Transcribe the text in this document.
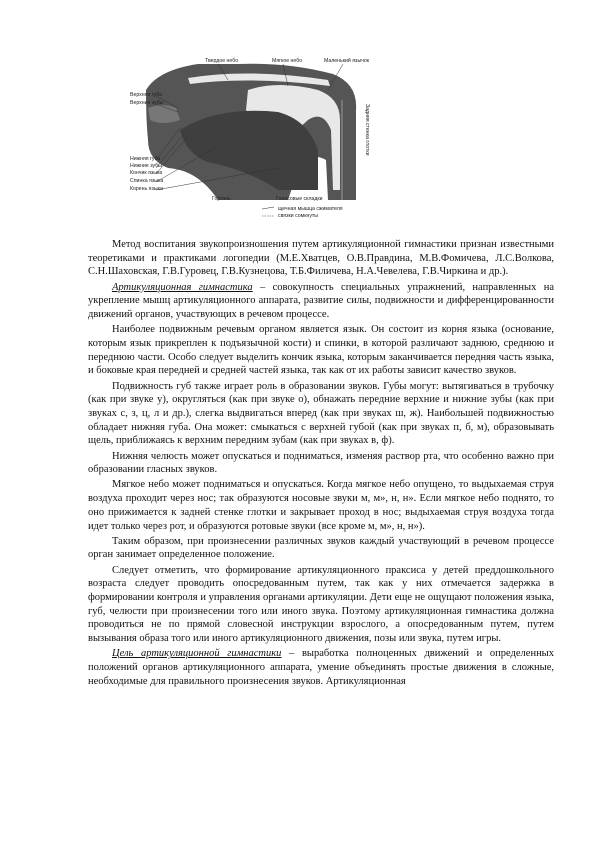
Твердое небо	Мягкое небо	Маленький язычок
Верхняя губа
Верхние зубы
Нижняя губа
Нижние зубы
Кончик языка
Спинка языка
Корень языка
Гортань	Голосовые складки
Задняя стенка глотки
щечная мышца сжимателя
связки сомкнуты

Метод воспитания звукопроизношения путем артикуляционной гимнастики признан известными теоретиками и практиками логопедии (М.Е.Хватцев, О.В.Правдина, М.В.Фомичева, Л.С.Волкова, С.Н.Шаховская, Г.В.Гуровец, Г.В.Кузнецова, Т.Б.Филичева, Н.А.Чевелева, Г.В.Чиркина и др.).

Артикуляционная гимнастика – совокупность специальных упражнений, направленных на укрепление мышц артикуляционного аппарата, развитие силы, подвижности и дифференцированности движений органов, участвующих в речевом процессе.

Наиболее подвижным речевым органом является язык. Он состоит из корня языка (основание, которым язык прикреплен к подъязычной кости) и спинки, в которой различают заднюю, среднюю и переднюю части. Особо следует выделить кончик языка, которым заканчивается передняя часть языка, и боковые края передней и средней частей языка, так как от их работы зависит качество звуков.

Подвижность губ также играет роль в образовании звуков. Губы могут: вытягиваться в трубочку (как при звуке у), округляться (как при звуке о), обнажать передние верхние и нижние зубы (как при звуках с, з, ц, л и др.), слегка выдвигаться вперед (как при звуках ш, ж). Наибольшей подвижностью обладает нижняя губа. Она может: смыкаться с верхней губой (как при звуках п, б, м), образовывать щель, приближаясь к верхним передним зубам (как при звуках в, ф).

Нижняя челюсть может опускаться и подниматься, изменяя раствор рта, что особенно важно при образовании гласных звуков.

Мягкое небо может подниматься и опускаться. Когда мягкое небо опущено, то выдыхаемая струя воздуха проходит через нос; так образуются носовые звуки м, м», н, н». Если мягкое небо поднято, то оно прижимается к задней стенке глотки и закрывает проход в нос; выдыхаемая струя воздуха тогда идет только через рот, и образуются ротовые звуки (все кроме м, м», н, н»).

Таким образом, при произнесении различных звуков каждый участвующий в речевом процессе орган занимает определенное положение.

Следует отметить, что формирование артикуляционного праксиса у детей преддошкольного возраста следует проводить опосредованным путем, так как у них отмечается задержка в формировании контроля и управления органами артикуляции. Дети еще не ощущают положения языка, губ, челюсти при произнесении того или иного звука. Поэтому артикуляционная гимнастика должна проводиться не по прямой словесной инструкции взрослого, а опосредованным путем, путем вызывания образа того или иного артикуляционного движения, позы или звука, путем игры.

Цель артикуляционной гимнастики – выработка полноценных движений и определенных положений органов артикуляционного аппарата, умение объединять простые движения в сложные, необходимые для правильного произнесения звуков. Артикуляционная
